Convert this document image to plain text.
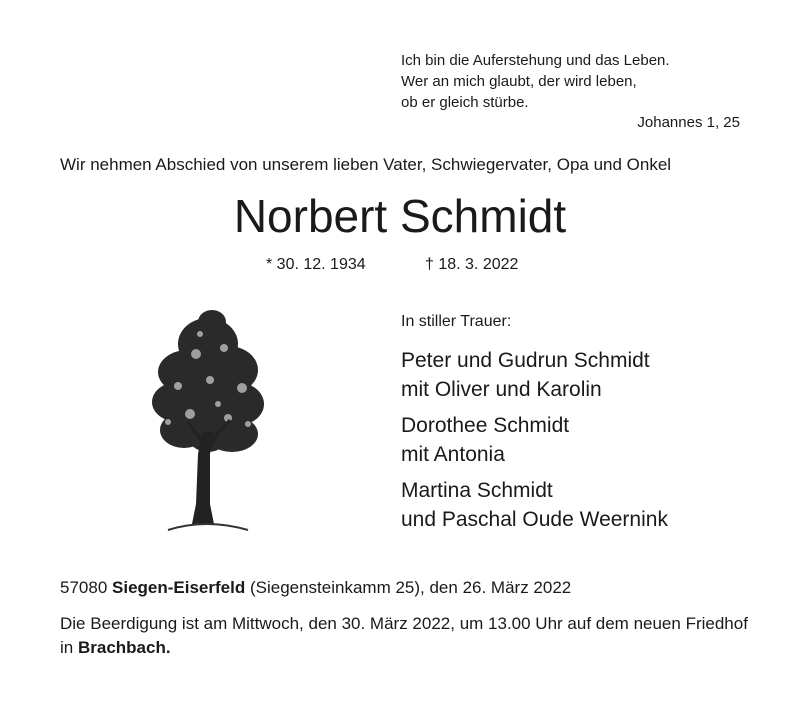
Ich bin die Auferstehung und das Leben.
Wer an mich glaubt, der wird leben,
ob er gleich stürbe.
Johannes 1, 25
Wir nehmen Abschied von unserem lieben Vater, Schwiegervater, Opa und Onkel
Norbert Schmidt
* 30. 12. 1934	† 18. 3. 2022
In stiller Trauer:
Peter und Gudrun Schmidt
mit Oliver und Karolin
Dorothee Schmidt
mit Antonia
Martina Schmidt
und Paschal Oude Weernink
57080 Siegen-Eiserfeld (Siegensteinkamm 25), den 26. März 2022
Die Beerdigung ist am Mittwoch, den 30. März 2022, um 13.00 Uhr auf dem neuen Friedhof in Brachbach.
